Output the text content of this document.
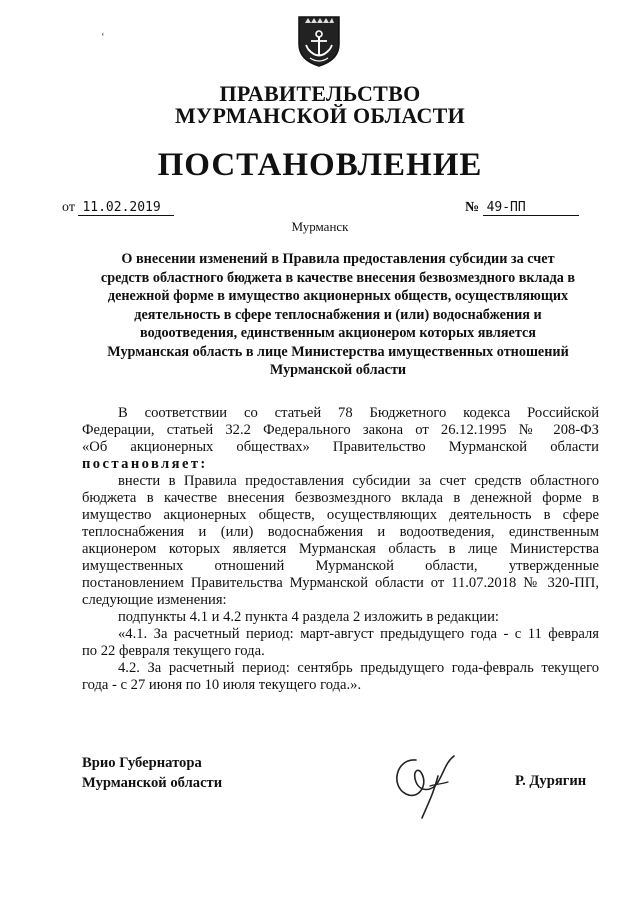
ʻ
ПРАВИТЕЛЬСТВО
МУРМАНСКОЙ ОБЛАСТИ
ПОСТАНОВЛЕНИЕ
от 11.02.2019	№ 49-ПП
Мурманск
О внесении изменений в Правила предоставления субсидии за счет
средств областного бюджета в качестве внесения безвозмездного вклада в
денежной форме в имущество акционерных обществ, осуществляющих
деятельность в сфере теплоснабжения и (или) водоснабжения и
водоотведения, единственным акционером которых является
Мурманская область в лице Министерства имущественных отношений
Мурманской области
В соответствии со статьей 78 Бюджетного кодекса Российской
Федерации, статьей 32.2 Федерального закона от 26.12.1995 № 208-ФЗ
«Об акционерных обществах» Правительство Мурманской области
постановляет:
внести в Правила предоставления субсидии за счет средств областного
бюджета в качестве внесения безвозмездного вклада в денежной форме в
имущество акционерных обществ, осуществляющих деятельность в сфере
теплоснабжения и (или) водоснабжения и водоотведения, единственным
акционером которых является Мурманская область в лице Министерства
имущественных отношений Мурманской области, утвержденные
постановлением Правительства Мурманской области от 11.07.2018 № 320-ПП,
следующие изменения:
подпункты 4.1 и 4.2 пункта 4 раздела 2 изложить в редакции:
«4.1. За расчетный период: март-август предыдущего года - с 11 февраля
по 22 февраля текущего года.
4.2. За расчетный период: сентябрь предыдущего года-февраль текущего
года - с 27 июня по 10 июля текущего года.».
Врио Губернатора
Мурманской области	Р. Дурягин
